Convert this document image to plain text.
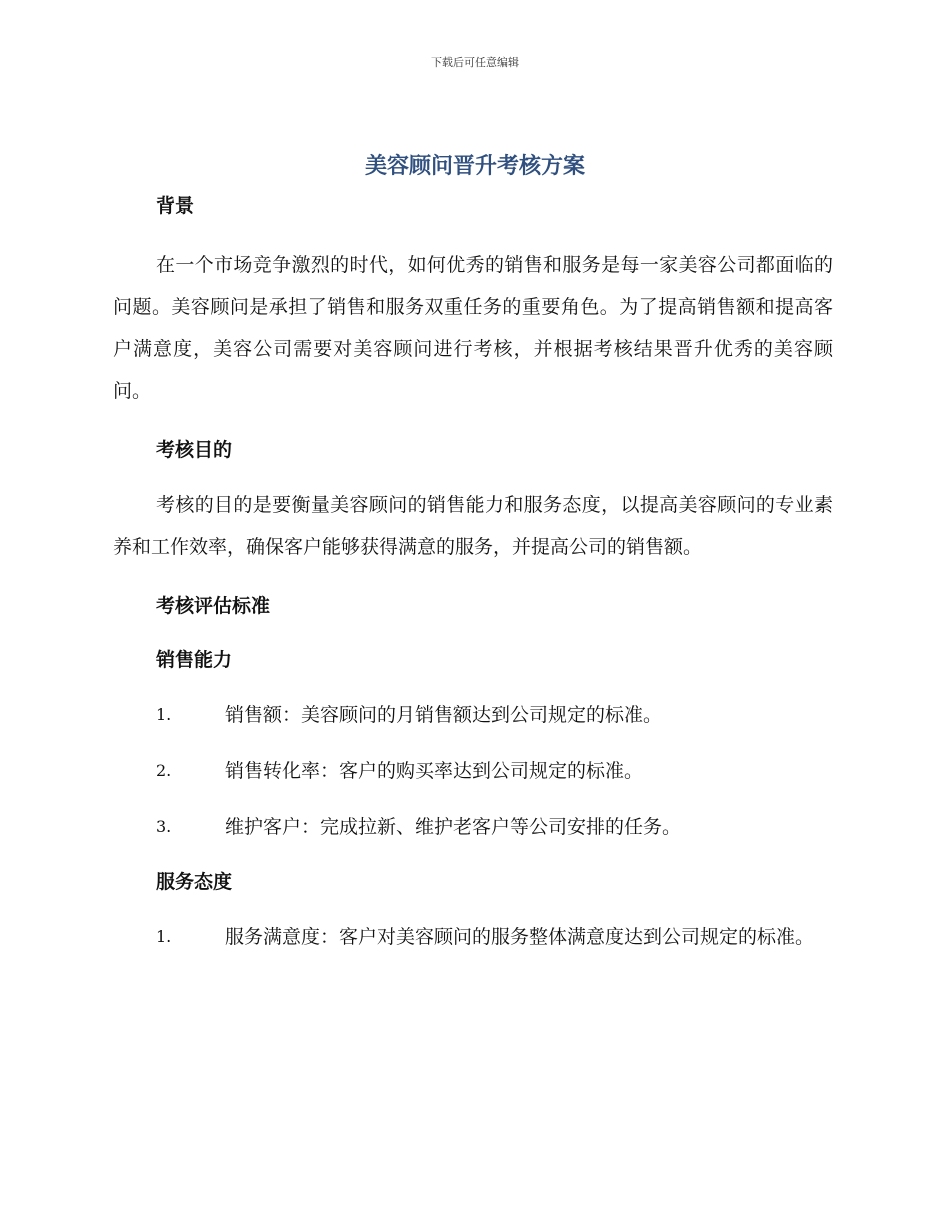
下载后可任意编辑
美容顾问晋升考核方案
背景

在一个市场竞争激烈的时代，如何优秀的销售和服务是每一家美容公司都面临的问题。美容顾问是承担了销售和服务双重任务的重要角色。为了提高销售额和提高客户满意度，美容公司需要对美容顾问进行考核，并根据考核结果晋升优秀的美容顾问。

考核目的

考核的目的是要衡量美容顾问的销售能力和服务态度，以提高美容顾问的专业素养和工作效率，确保客户能够获得满意的服务，并提高公司的销售额。

考核评估标准
销售能力
1.	销售额：美容顾问的月销售额达到公司规定的标准。
2.	销售转化率：客户的购买率达到公司规定的标准。
3.	维护客户：完成拉新、维护老客户等公司安排的任务。
服务态度
1.	服务满意度：客户对美容顾问的服务整体满意度达到公司规定的标准。
